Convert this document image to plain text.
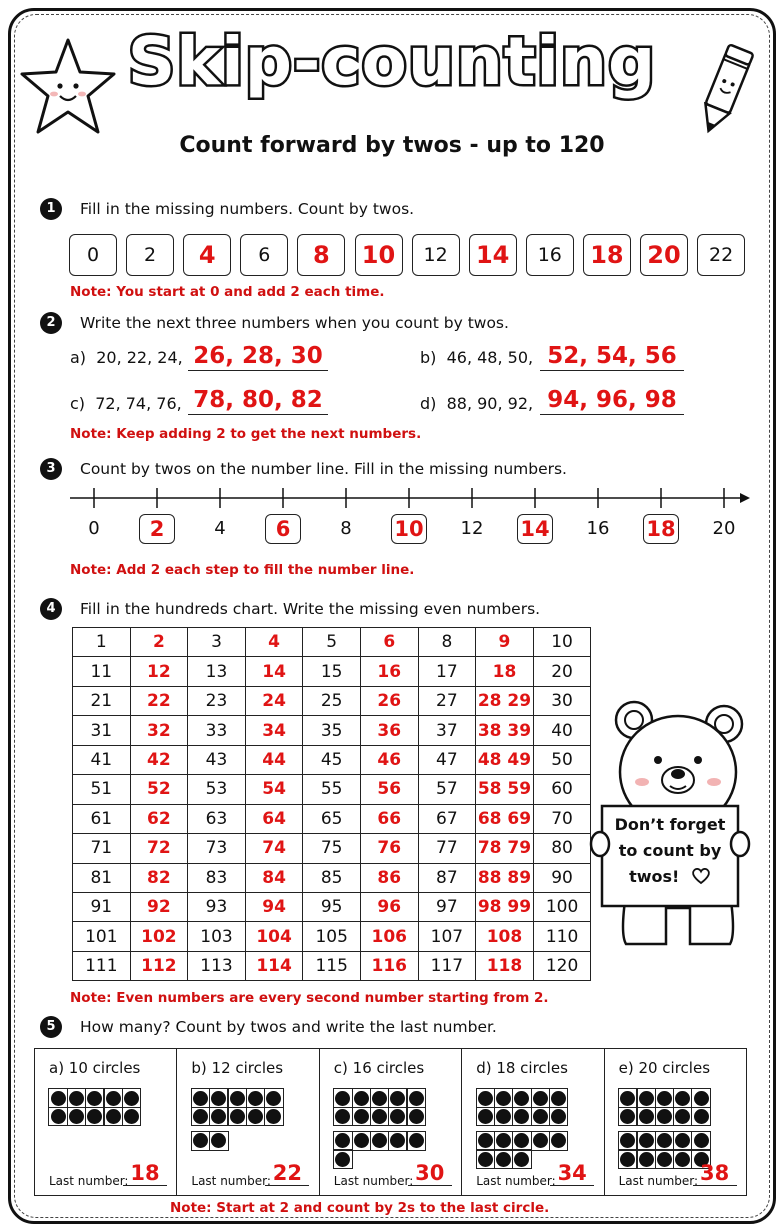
Skip-counting
Count forward by twos - up to 120
1	Fill in the missing numbers. Count by twos.
0	2	4	6	8	10	12	14	16	18 20	22
Note: You start at 0 and add 2 each time.
2	Write the next three numbers when you count by twos.
a) 20, 22, 24, 26, 28, 30	b) 46, 48, 50, 52, 54, 56
c) 72, 74, 76, 78, 80, 82	d) 88, 90, 92, 94, 96, 98
Note: Keep adding 2 to get the next numbers.
3	Count by twos on the number line. Fill in the missing numbers.
0	2	4	6	8	10	12	14	16	18	20
Note: Add 2 each step to fill the number line.
4	Fill in the hundreds chart. Write the missing even numbers.
1	2	3	4	5	6	8	9	10
11	12	13	14	15	16	17	18	20
21	22	23	24	25	26	27	28 29	30
31	32	33	34	35	36	37	38 39	40
41	42	43	44	45	46	47	48 49	50
51	52	53	54	55	56	57	58 59	60
61	62	63	64	65	66	67	68 69	70
71	72	73	74	75	76	77	78 79	80
81	82	83	84	85	86	87	88 89	90
91	92	93	94	95	96	97	98 99	100
101	102	103	104	105	106	107	108	110
111	112	113	114	115	116	117	118	120
Note: Even numbers are every second number starting from 2.
Don’t forget
to count by
twos!
5	How many? Count by twos and write the last number.
a) 10 circles
Last number: 18
b) 12 circles
Last number: 22
c) 16 circles
Last number: 30
d) 18 circles
Last number: 34
e) 20 circles
Last number: 38
Note: Start at 2 and count by 2s to the last circle.
